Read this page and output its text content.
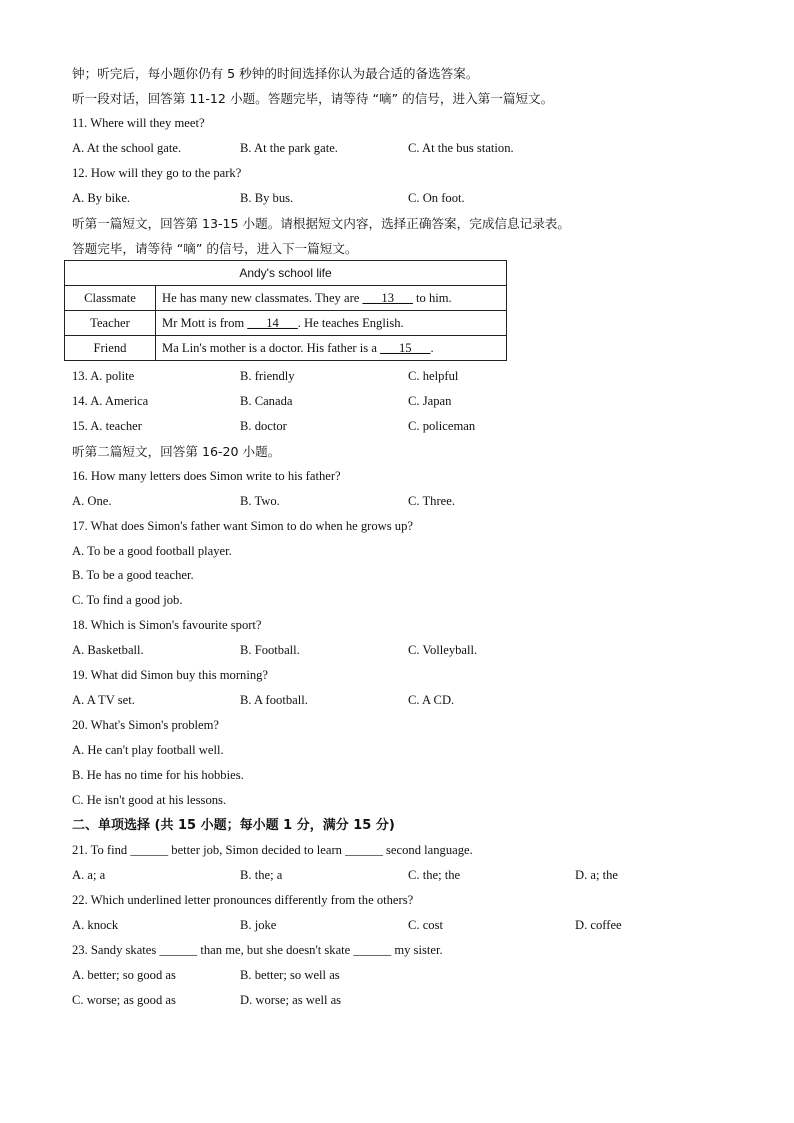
钟；听完后，每小题你仍有 5 秒钟的时间选择你认为最合适的备选答案。
听一段对话，回答第 11-12 小题。答题完毕，请等待 “嘀” 的信号，进入第一篇短文。
11. Where will they meet?
A. At the school gate.	B. At the park gate.	C. At the bus station.
12. How will they go to the park?
A. By bike.	B. By bus.	C. On foot.
听第一篇短文，回答第 13-15 小题。请根据短文内容，选择正确答案，完成信息记录表。
答题完毕，请等待 “嘀” 的信号，进入下一篇短文。
Andy's school life	
Classmate	He has many new classmates. They are ___13___ to him.
Teacher	Mr Mott is from ___14___. He teaches English.
Friend	Ma Lin's mother is a doctor. His father is a ___15___.
13. A. polite	B. friendly	C. helpful
14. A. America	B. Canada	C. Japan
15. A. teacher	B. doctor	C. policeman
听第二篇短文，回答第 16-20 小题。
16. How many letters does Simon write to his father?
A. One.	B. Two.	C. Three.
17. What does Simon's father want Simon to do when he grows up?
A. To be a good football player.
B. To be a good teacher.
C. To find a good job.
18. Which is Simon's favourite sport?
A. Basketball.	B. Football.	C. Volleyball.
19. What did Simon buy this morning?
A. A TV set.	B. A football.	C. A CD.
20. What's Simon's problem?
A. He can't play football well.
B. He has no time for his hobbies.
C. He isn't good at his lessons.
二、单项选择 (共 15 小题；每小题 1 分，满分 15 分)
21. To find ______ better job, Simon decided to learn ______ second language.
A. a; a	B. the; a	C. the; the	D. a; the
22. Which underlined letter pronounces differently from the others?
A. knock	B. joke	C. cost	D. coffee
23. Sandy skates ______ than me, but she doesn't skate ______ my sister.
A. better; so good as	B. better; so well as
C. worse; as good as	D. worse; as well as
